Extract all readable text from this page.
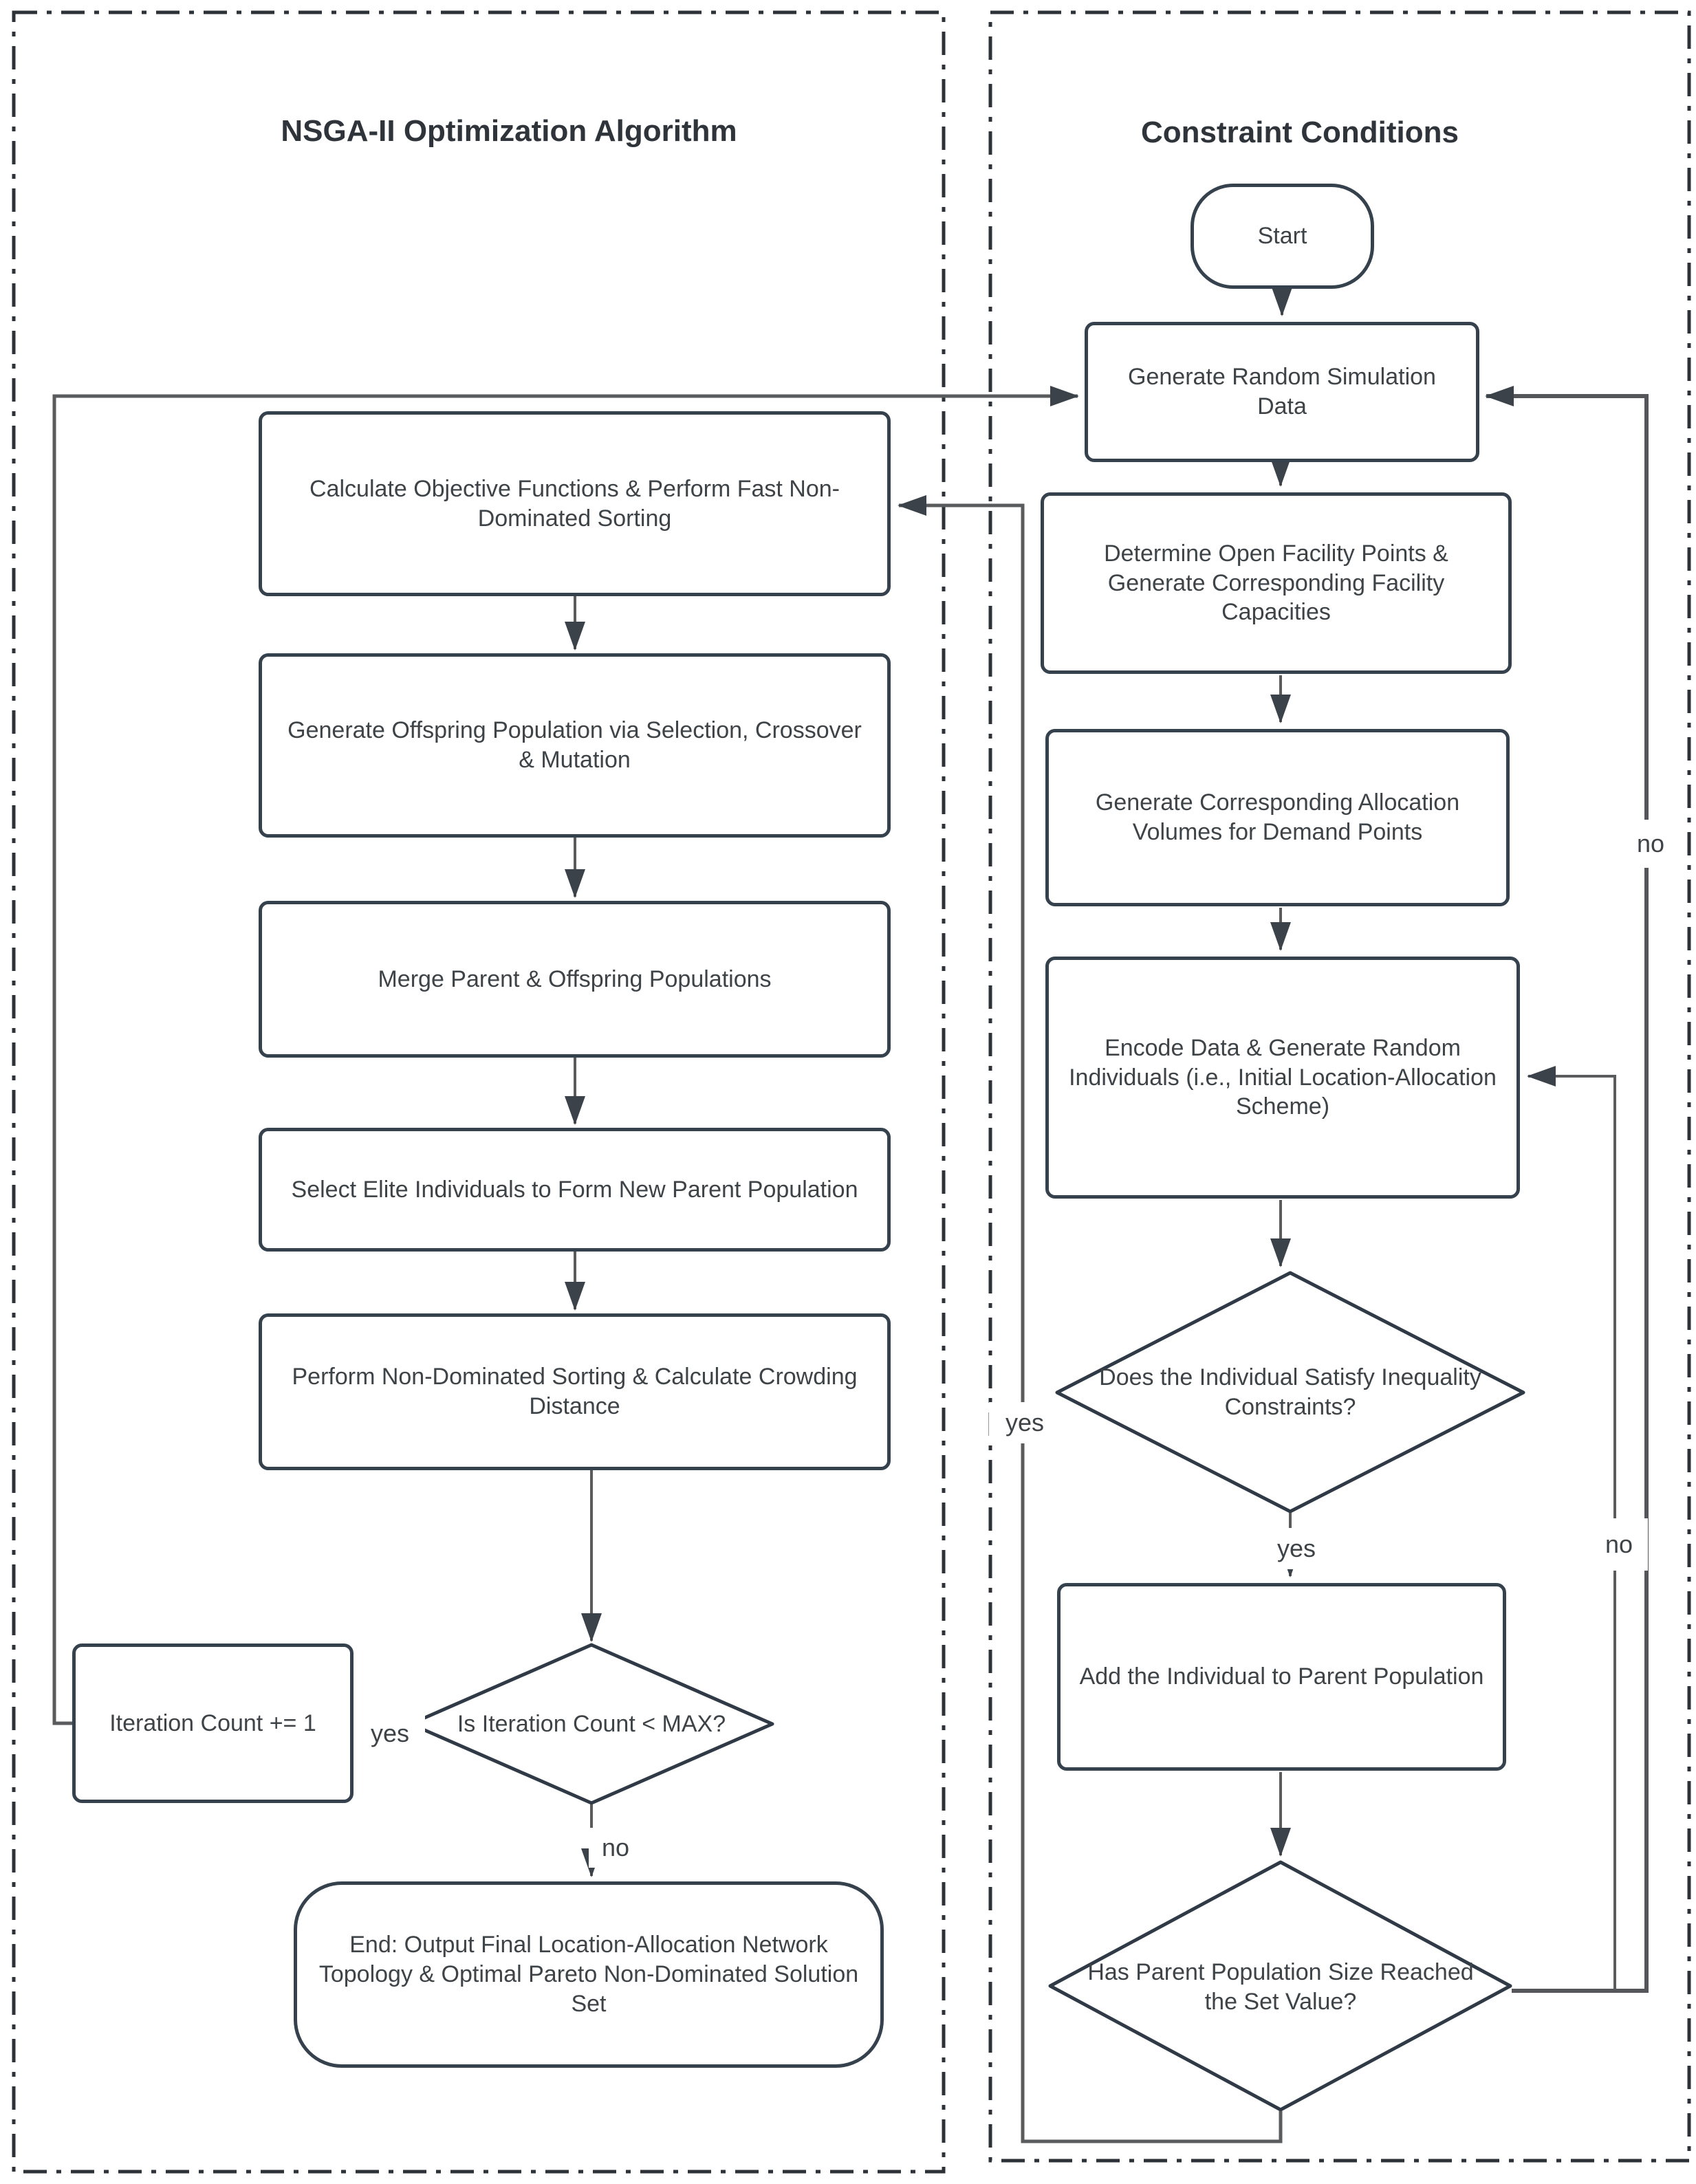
NSGA-II Optimization Algorithm	Constraint Conditions
Calculate Objective Functions & Perform Fast Non-Dominated Sorting
Generate Offspring Population via Selection, Crossover & Mutation
Merge Parent & Offspring Populations
Select Elite Individuals to Form New Parent Population
Perform Non-Dominated Sorting & Calculate Crowding Distance
Is Iteration Count < MAX?
Iteration Count += 1
End: Output Final Location-Allocation Network Topology & Optimal Pareto Non-Dominated Solution Set
Start
Generate Random Simulation Data
Determine Open Facility Points & Generate Corresponding Facility Capacities
Generate Corresponding Allocation Volumes for Demand Points
Encode Data & Generate Random Individuals (i.e., Initial Location-Allocation Scheme)
Does the Individual Satisfy Inequality Constraints?
Add the Individual to Parent Population
Has Parent Population Size Reached the Set Value?
yes
no
yes
yes
no
no
